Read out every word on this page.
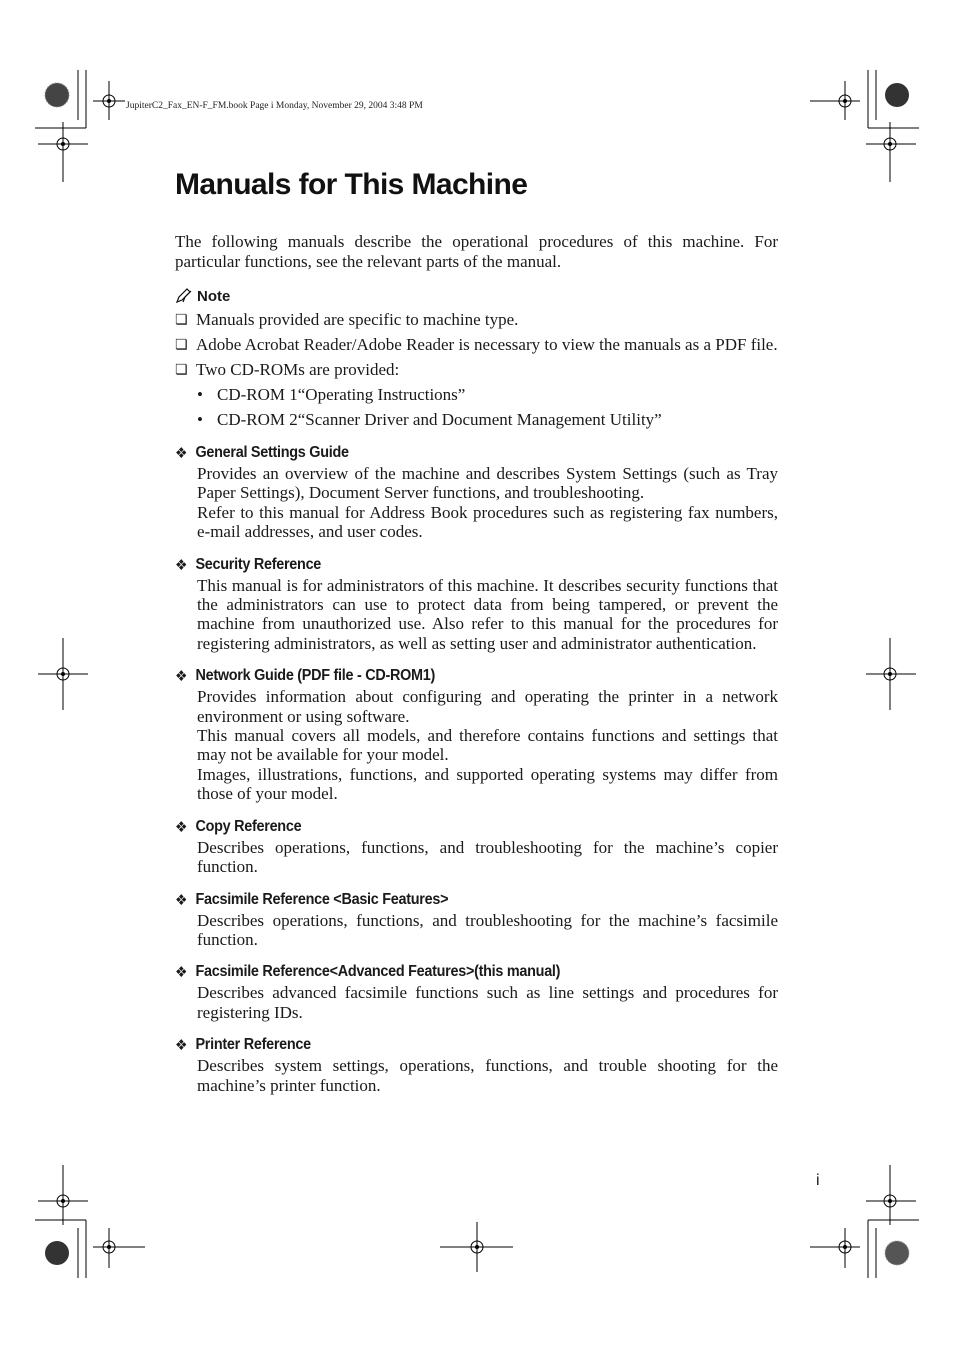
JupiterC2_Fax_EN-F_FM.book Page i Monday, November 29, 2004 3:48 PM
Manuals for This Machine

The following manuals describe the operational procedures of this machine. For particular functions, see the relevant parts of the manual.

Note
❏ Manuals provided are specific to machine type.
❏ Adobe Acrobat Reader/Adobe Reader is necessary to view the manuals as a PDF file.
❏ Two CD-ROMs are provided:
• CD-ROM 1“Operating Instructions”
• CD-ROM 2“Scanner Driver and Document Management Utility”
❖ General Settings Guide
Provides an overview of the machine and describes System Settings (such as Tray Paper Settings), Document Server functions, and troubleshooting.
Refer to this manual for Address Book procedures such as registering fax numbers, e-mail addresses, and user codes.
❖ Security Reference
This manual is for administrators of this machine. It describes security functions that the administrators can use to protect data from being tampered, or prevent the machine from unauthorized use. Also refer to this manual for the procedures for registering administrators, as well as setting user and administrator authentication.
❖ Network Guide (PDF file - CD-ROM1)
Provides information about configuring and operating the printer in a network environment or using software.
This manual covers all models, and therefore contains functions and settings that may not be available for your model.
Images, illustrations, functions, and supported operating systems may differ from those of your model.
❖ Copy Reference
Describes operations, functions, and troubleshooting for the machine’s copier function.
❖ Facsimile Reference <Basic Features>
Describes operations, functions, and troubleshooting for the machine’s facsimile function.
❖ Facsimile Reference<Advanced Features>(this manual)
Describes advanced facsimile functions such as line settings and procedures for registering IDs.
❖ Printer Reference
Describes system settings, operations, functions, and trouble shooting for the machine’s printer function.
i
